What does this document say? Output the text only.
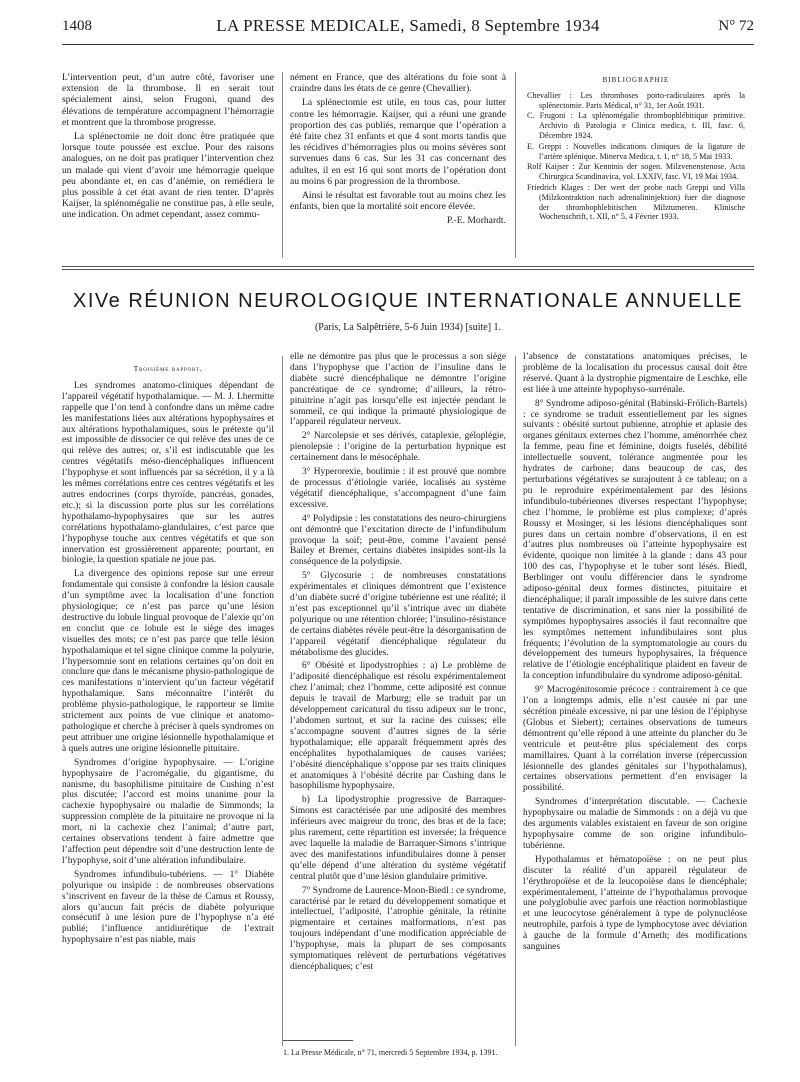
1408	LA PRESSE MEDICALE, Samedi, 8 Septembre 1934	N° 72

L’intervention peut, d’un autre côté, favoriser une extension de la thrombose. Il en serait tout spécialement ainsi, selon Frugoni, quand des élévations de température accompagnent l’hémorragie et montrent que la thrombose progresse.

La splénectomie ne doit donc être pratiquée que lorsque toute poussée est exclue. Pour des raisons analogues, on ne doit pas pratiquer l’intervention chez un malade qui vient d’avoir une hémorragie quelque peu abondante et, en cas d’anémie, on remédiera le plus possible à cet état avant de rien tenter. D’après Kaijser, la splénomégalie ne constitue pas, à elle seule, une indication. On admet cependant, assez commu-

nément en France, que des altérations du foie sont à craindre dans les états de ce genre (Chevallier).

La splénectomie est utile, en tous cas, pour lutter contre les hémorragie. Kaijser, qui a réuni une grande proportion des cas publiés, remarque que l’opération a été faite chez 31 enfants et que 4 sont morts tandis que les récidives d’hémorragies plus ou moins sévères sont survenues dans 6 cas. Sur les 31 cas concernant des adultes, il en est 16 qui sont morts de l’opération dont au moins 6 par progression de la thrombose.

Ainsi le résultat est favorable tout au moins chez les enfants, bien que la mortalité soit encore élevée.

P.-E. Morhardt.
BIBLIOGRAPHIE

Chevallier : Les thromboses porto-radiculaires après la splénectomie. Paris Médical, n° 31, 1er Août 1931.

C. Frugoni : La splénomégalie thrombophlébitique primitive. Archivio di Patologia e Clinica medica, t. III, fasc. 6, Décembre 1924.

E. Greppi : Nouvelles indications cliniques de la ligature de l’artère splénique. Minerva Medica, t. 1, n° 18, 5 Mai 1933.

Rolf Kaijser : Zur Kenntnis der sogen. Milzvenenstenose. Acta Chirurgica Scandinavica, vol. LXXIV, fasc. VI, 19 Mai 1934.

Friedrich Klages : Der wert der probe nach Greppi und Villa (Milzkontraktion nach adrenalininjektion) fuer die diagnose der thrombophlebitischen Milztumeren. Klinische Wochenschrift, t. XII, n° 5, 4 Février 1933.

XIVe RÉUNION NEUROLOGIQUE INTERNATIONALE ANNUELLE
(Paris, La Salpêtrière, 5-6 Juin 1934) [suite] 1.
Troisième rapport.

Les syndromes anatomo-cliniques dépendant de l’appareil végétatif hypothalamique. — M. J. Lhermitte rappelle que l’on tend à confondre dans un même cadre les manifestations liées aux altérations hypophysaires et aux altérations hypothalamiques, sous le prétexte qu’il est impossible de dissocier ce qui relève des unes de ce qui relève des autres; or, s’il est indiscutable que les centres végétatifs méso-diencéphaliques influencent l’hypophyse et sont influencés par sa sécrétion, il y a là les mêmes corrélations entre ces centres végétatifs et les autres endocrines (corps thyroïde, pancréas, gonades, etc.); si la discussion porte plus sur les corrélations hypothalamo-hypophysaires que sur les autres corrélations hypothalamo-glandulaires, c’est parce que l’hypophyse touche aux centres végétatifs et que son innervation est grossièrement apparente; pourtant, en biologie, la question spatiale ne joue pas.

La divergence des opinions repose sur une erreur fondamentale qui consiste à confondre la lésion causale d’un symptôme avec la localisation d’une fonction physiologique; ce n’est pas parce qu’une lésion destructive du lobule lingual provoque de l’alexie qu’on en conclut que ce lobule est le siège des images visuelles des mots; ce n’est pas parce que telle lésion hypothalamique et tel signe clinique comme la polyurie, l’hypersomnie sont en relations certaines qu’on doit en conclure que dans le mécanisme physio-pathologique de ces manifestations n’intervient qu’un facteur végétatif hypothalamique. Sans méconnaître l’intérêt du problème physio-pathologique, le rapporteur se limite strictement aux points de vue clinique et anatomo-pathologique et cherche à préciser à quels syndromes on peut attribuer une origine lésionnelle hypothalamique et à quels autres une origine lésionnelle pituitaire.

Syndromes d’origine hypophysaire. — L’origine hypophysaire de l’acromégalie, du gigantisme, du nanisme, du basophilisme pituitaire de Cushing n’est plus discutée; l’accord est moins unanime pour la cachexie hypophysaire ou maladie de Simmonds; la suppression complète de la pituitaire ne provoque ni la mort, ni la cachexie chez l’animal; d’autre part, certaines observations tendent à faire admettre que l’affection peut dépendre soit d’une destruction lente de l’hypophyse, soit d’une altération infundibulaire.

Syndromes infundibulo-tubériens. — 1° Diabète polyurique ou insipide : de nombreuses observations s’inscrivent en faveur de la thèse de Camus et Roussy, alors qu’aucun fait précis de diabète polyurique consécutif à une lésion pure de l’hypophyse n’a été publié; l’influence antidiurétique de l’extrait hypophysaire n’est pas niable, mais

elle ne démontre pas plus que le processus a son siège dans l’hypophyse que l’action de l’insuline dans le diabète sucré diencéphalique ne démontre l’origine pancréatique de ce syndrome; d’ailleurs, la rétro-pituitrine n’agit pas lorsqu’elle est injectée pendant le sommeil, ce qui indique la primauté physiologique de l’appareil régulateur nerveux.

2° Narcolepsie et ses dérivés, cataplexie, géloplégie, pienolepsie : l’origine de la perturbation hypnique est certainement dans le mésocéphale.

3° Hyperorexie, boulimie : il est prouvé que nombre de processus d’étiologie variée, localisés au système végétatif diencéphalique, s’accompagnent d’une faim excessive.

4° Polydipsie : les constatations des neuro-chirurgiens ont démontré que l’excitation directe de l’infundibulum provoque la soif; peut-être, comme l’avaient pensé Bailey et Bremer, certains diabètes insipides sont-ils la conséquence de la polydipsie.

5° Glycosurie : de nombreuses constatations expérimentales et cliniques démontrent que l’existence d’un diabète sucré d’origine tubérienne est une réalité; il n’est pas exceptionnel qu’il s’intrique avec un diabète polyurique ou une rétention chlorée; l’insulino-résistance de certains diabètes révèle peut-être la désorganisation de l’appareil végétatif diencéphalique régulateur du métabolisme des glucides.

6° Obésité et lipodystrophies : a) Le problème de l’adiposité diencéphalique est résolu expérimentalement chez l’animal; chez l’homme, cette adiposité est connue depuis le travail de Marburg; elle se traduit par un développement caricatural du tissu adipeux sur le tronc, l’abdomen surtout, et sur la racine des cuisses; elle s’accompagne souvent d’autres signes de la série hypothalamique; elle apparaît fréquemment après des encéphalites hypothalamiques de causes variées; l’obésité diencéphalique s’oppose par ses traits cliniques et anatomiques à l’obésité décrite par Cushing dans le basophilisme hypophysaire.

b) La lipodystrophie progressive de Barraquer-Simons est caractérisée par une adiposité des membres inférieurs avec maigreur du tronc, des bras et de la face; plus rarement, cette répartition est inversée; la fréquence avec laquelle la maladie de Barraquer-Simons s’intrique avec des manifestations infundibulaires donne à penser qu’elle dépend d’une altération du système végétatif central plutôt que d’une lésion glandulaire primitive.

7° Syndrome de Laurence-Moon-Biedl : ce syndrome, caractérisé par le retard du développement somatique et intellectuel, l’adiposité, l’atrophie génitale, la rétinite pigmentaire et certaines malformations, n’est pas toujours indépendant d’une modification appréciable de l’hypophyse, mais la plupart de ses composants symptomatiques relèvent de perturbations végétatives diencéphaliques; c’est

l’absence de constatations anatomiques précises, le problème de la localisation du processus causal doit être réservé. Quant à la dystrophie pigmentaire de Leschke, elle est liée à une atteinte hypophyso-surrénale.

8° Syndrome adiposo-génital (Babinski-Frölich-Bartels) : ce syndrome se traduit essentiellement par les signes suivants : obésité surtout pubienne, atrophie et aplasie des organes génitaux externes chez l’homme, aménorrhée chez la femme, peau fine et féminine, doigts fuselés, débilité intellectuelle souvent, tolérance augmentée pour les hydrates de carbone; dans beaucoup de cas, des perturbations végétatives se surajoutent à ce tableau; on a pu le reproduire expérimentalement par des lésions infundibulo-tubériennes diverses respectant l’hypophyse; chez l’homme, le problème est plus complexe; d’après Roussy et Mosinger, si les lésions diencéphaliques sont pures dans un certain nombre d’observations, il en est d’autres plus nombreuses où l’atteinte hypophysaire est évidente, quoique non limitée à la glande : dans 43 pour 100 des cas, l’hypophyse et le tuber sont lésés. Biedl, Berblinger ont voulu différencier dans le syndrome adiposo-génital deux formes distinctes, pituitaire et diencéphalique; il paraît impossible de les suivre dans cette tentative de discrimination, et sans nier la possibilité de symptômes hypophysaires associés il faut reconnaître que les symptômes nettement infundibulaires sont plus fréquents; l’évolution de la symptomatologie au cours du développement des tumeurs hypophysaires, la fréquence relative de l’étiologie encéphalitique plaident en faveur de la conception infundibulaire du syndrome adiposo-génital.

9° Macrogénitosomie précoce : contrairement à ce que l’on a longtemps admis, elle n’est causée ni par une sécrétion pinéale excessive, ni par une lésion de l’épiphyse (Globus et Siebert); certaines observations de tumeurs démontrent qu’elle répond à une atteinte du plancher du 3e ventricule et peut-être plus spécialement des corps mamillaires. Quant à la corrélation inverse (répercussion lésionnelle des glandes génitales sur l’hypothalamus), certaines observations permettent d’en envisager la possibilité.

Syndromes d’interprétation discutable. — Cachexie hypophysaire ou maladie de Simmonds : on a déjà vu que des arguments valables existaient en faveur de son origine hypophysaire comme de son origine infundibulo-tubérienne.

Hypothalamus et hématopoïèse : on ne peut plus discuter la réalité d’un appareil régulateur de l’érythropoïèse et de la leucopoïèse dans le diencéphale; expérimentalement, l’atteinte de l’hypothalamus provoque une polyglobulie avec parfois une réaction normoblastique et une leucocytose généralement à type de polynucléose neutrophile, parfois à type de lymphocytose avec déviation à gauche de la formule d’Arneth; des modifications sanguines

1. La Presse Médicale, n° 71, mercredi 5 Septembre 1934, p. 1391.
